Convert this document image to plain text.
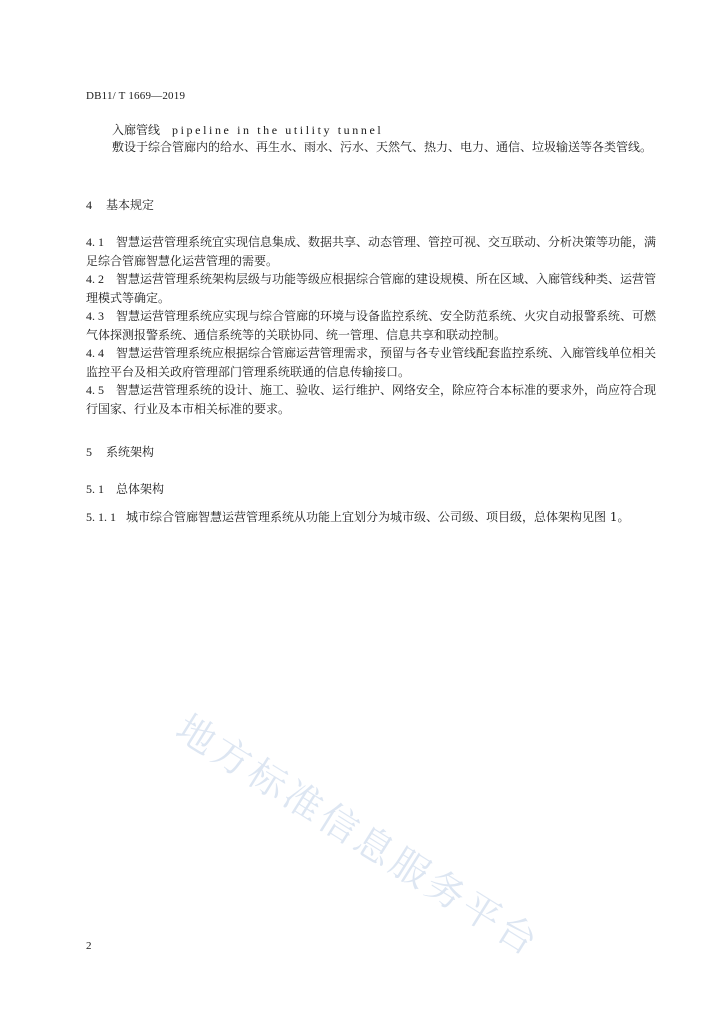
DB11/ T 1669—2019
入廊管线 pipeline in the utility tunnel
敷设于综合管廊内的给水、再生水、雨水、污水、天然气、热力、电力、通信、垃圾输送等各类管线。
4 基本规定

4. 1 智慧运营管理系统宜实现信息集成、数据共享、动态管理、管控可视、交互联动、分析决策等功能，满足综合管廊智慧化运营管理的需要。

4. 2 智慧运营管理系统架构层级与功能等级应根据综合管廊的建设规模、所在区域、入廊管线种类、运营管理模式等确定。

4. 3 智慧运营管理系统应实现与综合管廊的环境与设备监控系统、安全防范系统、火灾自动报警系统、可燃气体探测报警系统、通信系统等的关联协同、统一管理、信息共享和联动控制。

4. 4 智慧运营管理系统应根据综合管廊运营管理需求，预留与各专业管线配套监控系统、入廊管线单位相关监控平台及相关政府管理部门管理系统联通的信息传输接口。

4. 5 智慧运营管理系统的设计、施工、验收、运行维护、网络安全，除应符合本标准的要求外，尚应符合现行国家、行业及本市相关标准的要求。

5 系统架构
5. 1 总体架构
5. 1. 1 城市综合管廊智慧运营管理系统从功能上宜划分为城市级、公司级、项目级，总体架构见图 1。
地方标准信息服务平台
2
